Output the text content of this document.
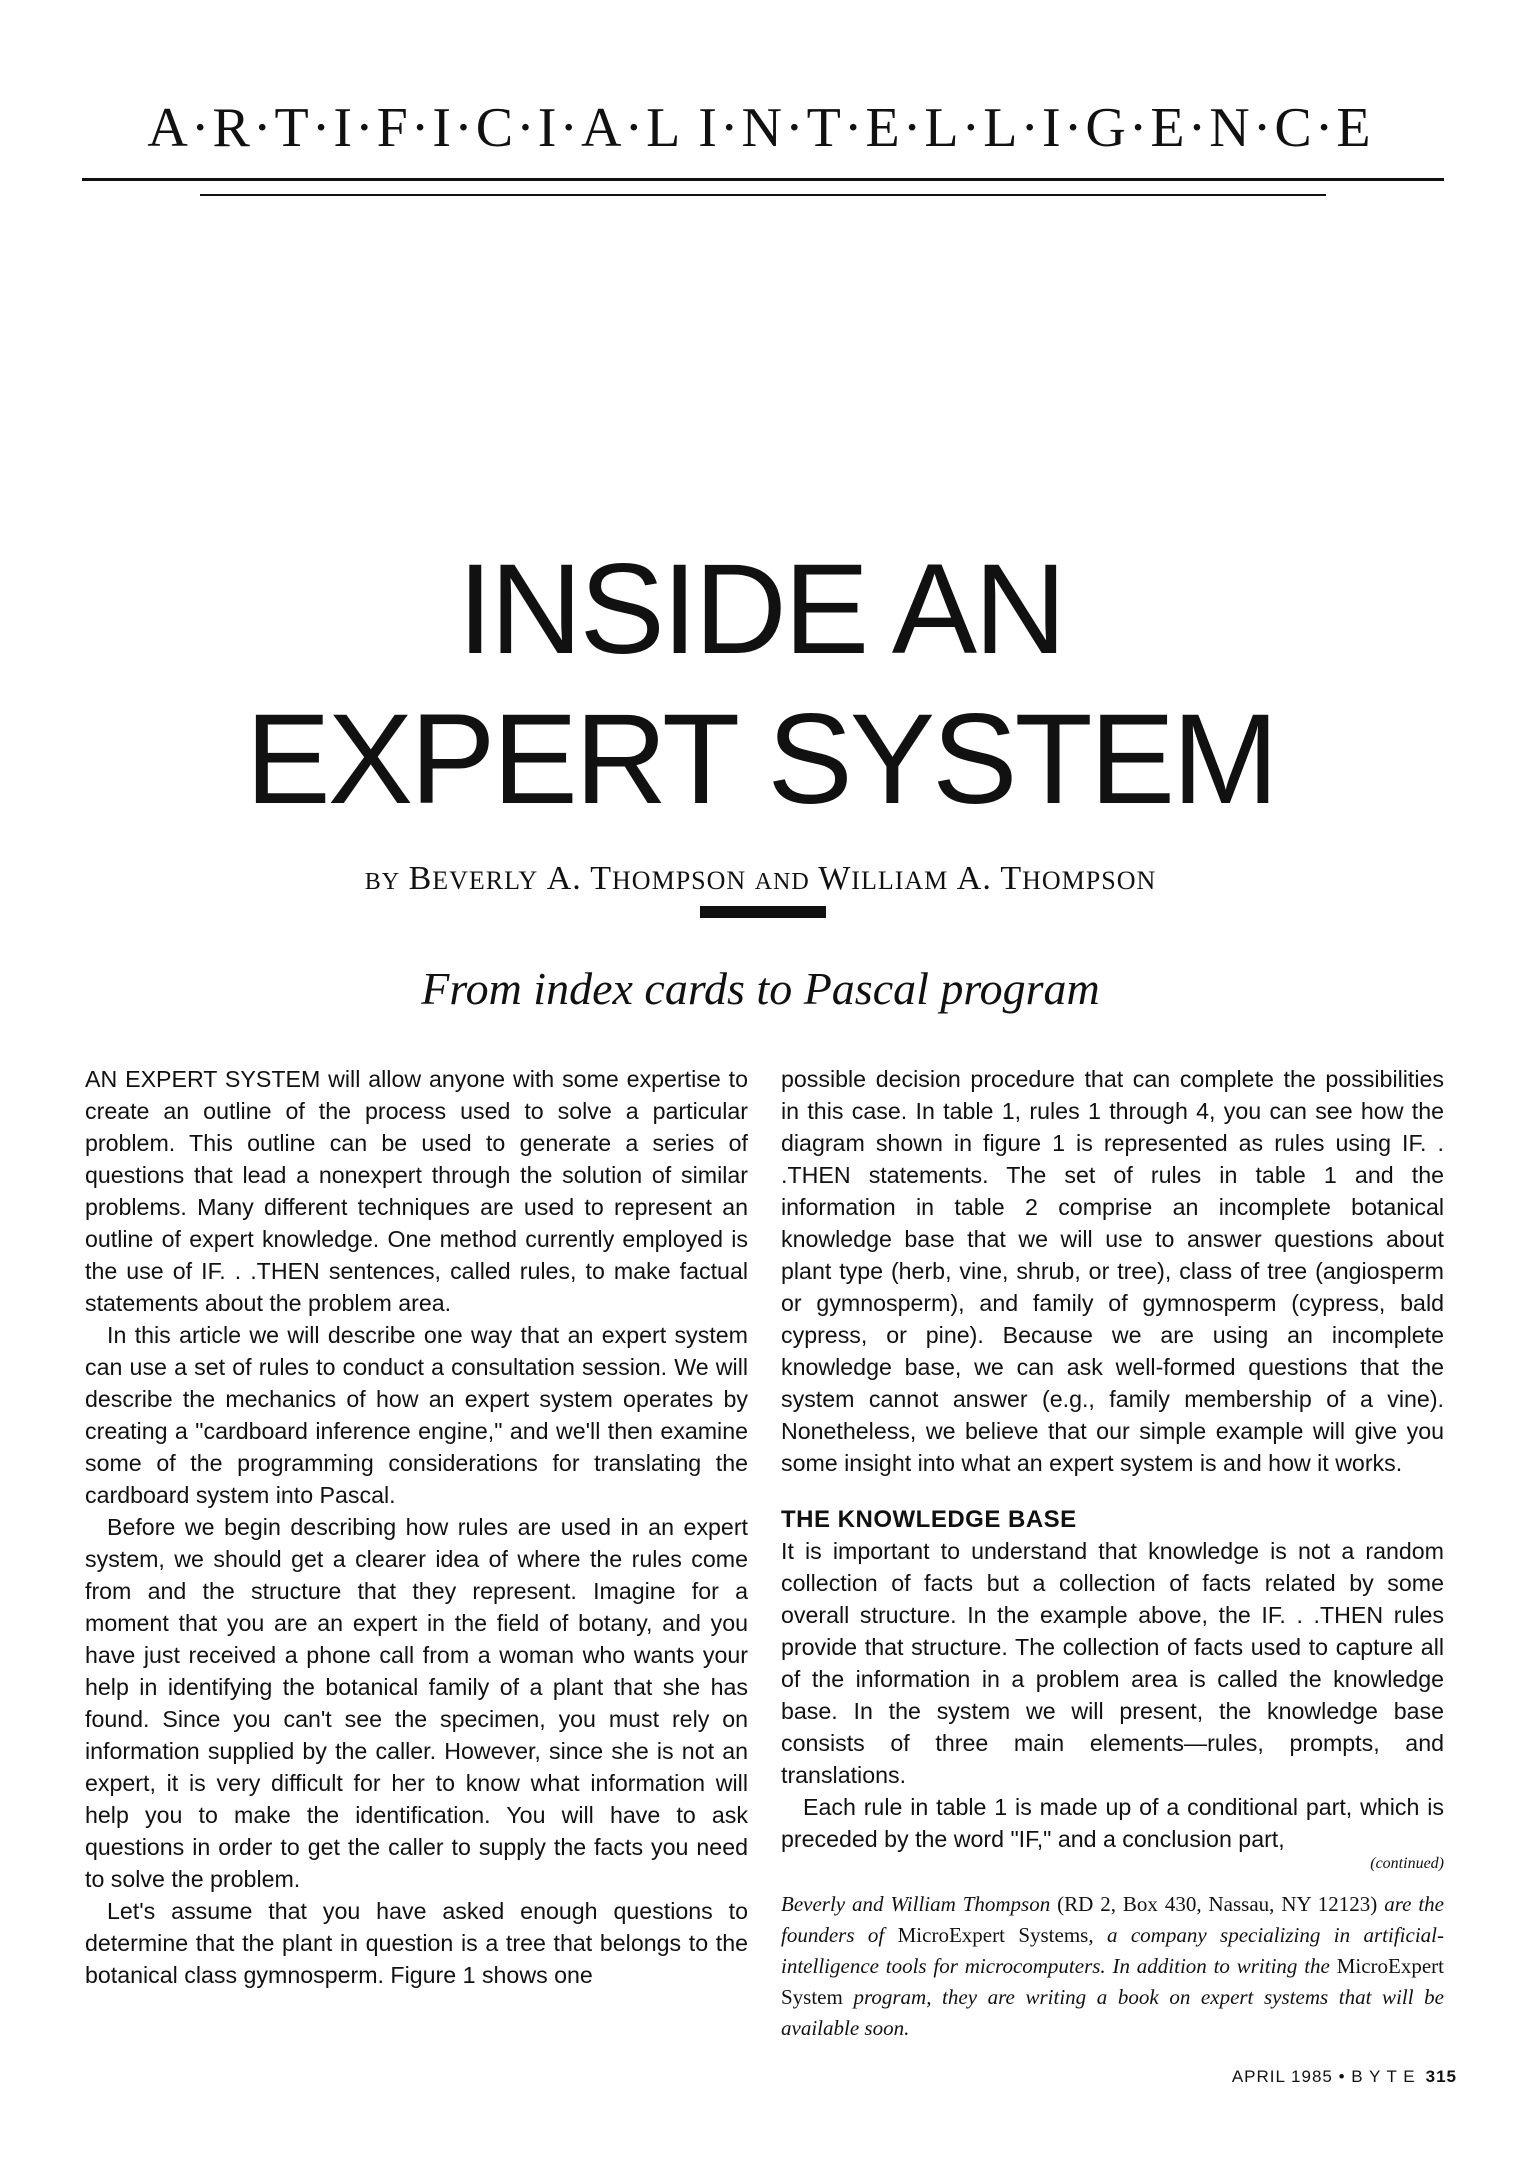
A·R·T·I·F·I·C·I·A·L I·N·T·E·L·L·I·G·E·N·C·E
INSIDE AN
EXPERT SYSTEM
BY BEVERLY A. THOMPSON AND WILLIAM A. THOMPSON
From index cards to Pascal program

AN EXPERT SYSTEM will allow anyone with some expertise to create an outline of the process used to solve a particular problem. This outline can be used to generate a series of questions that lead a nonexpert through the solution of similar problems. Many different techniques are used to represent an outline of expert knowledge. One method currently employed is the use of IF. . .THEN sentences, called rules, to make factual statements about the problem area.

In this article we will describe one way that an expert system can use a set of rules to conduct a consultation session. We will describe the mechanics of how an expert system operates by creating a "cardboard inference engine," and we'll then examine some of the programming considerations for translating the cardboard system into Pascal.

Before we begin describing how rules are used in an expert system, we should get a clearer idea of where the rules come from and the structure that they represent. Imagine for a moment that you are an expert in the field of botany, and you have just received a phone call from a woman who wants your help in identifying the botanical family of a plant that she has found. Since you can't see the specimen, you must rely on information supplied by the caller. However, since she is not an expert, it is very difficult for her to know what information will help you to make the identification. You will have to ask questions in order to get the caller to supply the facts you need to solve the problem.

Let's assume that you have asked enough questions to determine that the plant in question is a tree that belongs to the botanical class gymnosperm. Figure 1 shows one

possible decision procedure that can complete the possibilities in this case. In table 1, rules 1 through 4, you can see how the diagram shown in figure 1 is represented as rules using IF. . .THEN statements. The set of rules in table 1 and the information in table 2 comprise an incomplete botanical knowledge base that we will use to answer questions about plant type (herb, vine, shrub, or tree), class of tree (angiosperm or gymnosperm), and family of gymnosperm (cypress, bald cypress, or pine). Because we are using an incomplete knowledge base, we can ask well-formed questions that the system cannot answer (e.g., family membership of a vine). Nonetheless, we believe that our simple example will give you some insight into what an expert system is and how it works.

THE KNOWLEDGE BASE

It is important to understand that knowledge is not a random collection of facts but a collection of facts related by some overall structure. In the example above, the IF. . .THEN rules provide that structure. The collection of facts used to capture all of the information in a problem area is called the knowledge base. In the system we will present, the knowledge base consists of three main elements—rules, prompts, and translations.

Each rule in table 1 is made up of a conditional part, which is preceded by the word "IF," and a conclusion part,

(continued)
Beverly and William Thompson (RD 2, Box 430, Nassau, NY 12123) are the founders of MicroExpert Systems, a company specializing in artificial-intelligence tools for microcomputers. In addition to writing the MicroExpert System program, they are writing a book on expert systems that will be available soon.
APRIL 1985 • B Y T E 315
